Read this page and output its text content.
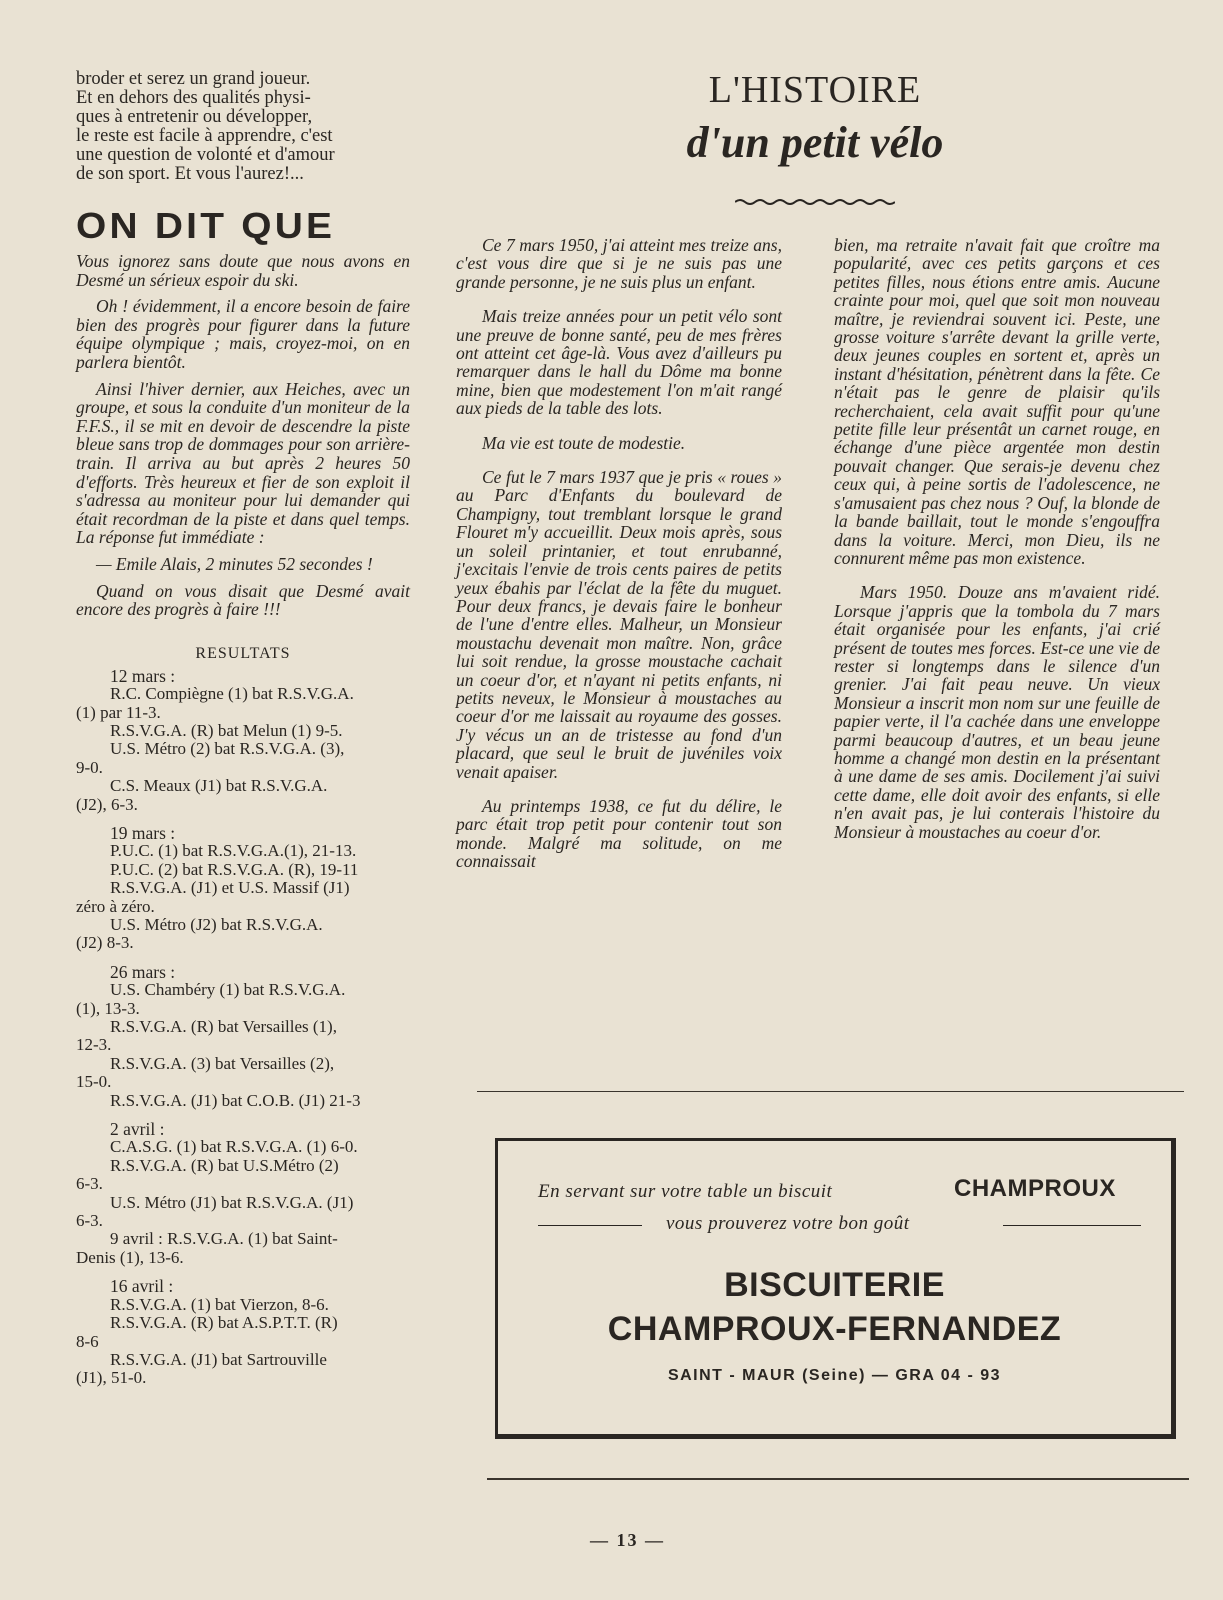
broder et serez un grand joueur.

Et en dehors des qualités physi-

ques à entretenir ou développer,

le reste est facile à apprendre, c'est

une question de volonté et d'amour

de son sport. Et vous l'aurez!...

ON DIT QUE

Vous ignorez sans doute que nous avons en Desmé un sérieux espoir du ski.

Oh ! évidemment, il a encore besoin de faire bien des progrès pour figurer dans la future équipe olympique ; mais, croyez-moi, on en parlera bientôt.

Ainsi l'hiver dernier, aux Heiches, avec un groupe, et sous la conduite d'un moniteur de la F.F.S., il se mit en devoir de descendre la piste bleue sans trop de dommages pour son arrière-train. Il arriva au but après 2 heures 50 d'efforts. Très heureux et fier de son exploit il s'adressa au moniteur pour lui demander qui était recordman de la piste et dans quel temps. La réponse fut immédiate :

— Emile Alais, 2 minutes 52 secondes !

Quand on vous disait que Desmé avait encore des progrès à faire !!!

RESULTATS
12 mars :

R.C. Compiègne (1) bat R.S.V.G.A.

(1) par 11-3.

R.S.V.G.A. (R) bat Melun (1) 9-5.

U.S. Métro (2) bat R.S.V.G.A. (3),

9-0.

C.S. Meaux (J1) bat R.S.V.G.A.

(J2), 6-3.

19 mars :

P.U.C. (1) bat R.S.V.G.A.(1), 21-13.

P.U.C. (2) bat R.S.V.G.A. (R), 19-11

R.S.V.G.A. (J1) et U.S. Massif (J1)

zéro à zéro.

U.S. Métro (J2) bat R.S.V.G.A.

(J2) 8-3.

26 mars :

U.S. Chambéry (1) bat R.S.V.G.A.

(1), 13-3.

R.S.V.G.A. (R) bat Versailles (1),

12-3.

R.S.V.G.A. (3) bat Versailles (2),

15-0.

R.S.V.G.A. (J1) bat C.O.B. (J1) 21-3

2 avril :

C.A.S.G. (1) bat R.S.V.G.A. (1) 6-0.

R.S.V.G.A. (R) bat U.S.Métro (2)

6-3.

U.S. Métro (J1) bat R.S.V.G.A. (J1)

6-3.

9 avril : R.S.V.G.A. (1) bat Saint-

Denis (1), 13-6.

16 avril :

R.S.V.G.A. (1) bat Vierzon, 8-6.

R.S.V.G.A. (R) bat A.S.P.T.T. (R)

8-6

R.S.V.G.A. (J1) bat Sartrouville

(J1), 51-0.

L'HISTOIRE
d'un petit vélo

Ce 7 mars 1950, j'ai atteint mes treize ans, c'est vous dire que si je ne suis pas une grande personne, je ne suis plus un enfant.

Mais treize années pour un petit vélo sont une preuve de bonne santé, peu de mes frères ont atteint cet âge-là. Vous avez d'ailleurs pu remarquer dans le hall du Dôme ma bonne mine, bien que modestement l'on m'ait rangé aux pieds de la table des lots.

Ma vie est toute de modestie.

Ce fut le 7 mars 1937 que je pris « roues » au Parc d'Enfants du boulevard de Champigny, tout tremblant lorsque le grand Flouret m'y accueillit. Deux mois après, sous un soleil printanier, et tout enrubanné, j'excitais l'envie de trois cents paires de petits yeux ébahis par l'éclat de la fête du muguet. Pour deux francs, je devais faire le bonheur de l'une d'entre elles. Malheur, un Monsieur moustachu devenait mon maître. Non, grâce lui soit rendue, la grosse moustache cachait un coeur d'or, et n'ayant ni petits enfants, ni petits neveux, le Monsieur à moustaches au coeur d'or me laissait au royaume des gosses. J'y vécus un an de tristesse au fond d'un placard, que seul le bruit de juvéniles voix venait apaiser.

Au printemps 1938, ce fut du délire, le parc était trop petit pour contenir tout son monde. Malgré ma solitude, on me connaissait

bien, ma retraite n'avait fait que croître ma popularité, avec ces petits garçons et ces petites filles, nous étions entre amis. Aucune crainte pour moi, quel que soit mon nouveau maître, je reviendrai souvent ici. Peste, une grosse voiture s'arrête devant la grille verte, deux jeunes couples en sortent et, après un instant d'hésitation, pénètrent dans la fête. Ce n'était pas le genre de plaisir qu'ils recherchaient, cela avait suffit pour qu'une petite fille leur présentât un carnet rouge, en échange d'une pièce argentée mon destin pouvait changer. Que serais-je devenu chez ceux qui, à peine sortis de l'adolescence, ne s'amusaient pas chez nous ? Ouf, la blonde de la bande baillait, tout le monde s'engouffra dans la voiture. Merci, mon Dieu, ils ne connurent même pas mon existence.

Mars 1950. Douze ans m'avaient ridé. Lorsque j'appris que la tombola du 7 mars était organisée pour les enfants, j'ai crié présent de toutes mes forces. Est-ce une vie de rester si longtemps dans le silence d'un grenier. J'ai fait peau neuve. Un vieux Monsieur a inscrit mon nom sur une feuille de papier verte, il l'a cachée dans une enveloppe parmi beaucoup d'autres, et un beau jeune homme a changé mon destin en la présentant à une dame de ses amis. Docilement j'ai suivi cette dame, elle doit avoir des enfants, si elle n'en avait pas, je lui conterais l'histoire du Monsieur à moustaches au coeur d'or.

En servant sur votre table un biscuit	CHAMPROUX
vous prouverez votre bon goût
BISCUITERIE
CHAMPROUX-FERNANDEZ
SAINT - MAUR (Seine) — GRA 04 - 93
— 13 —
